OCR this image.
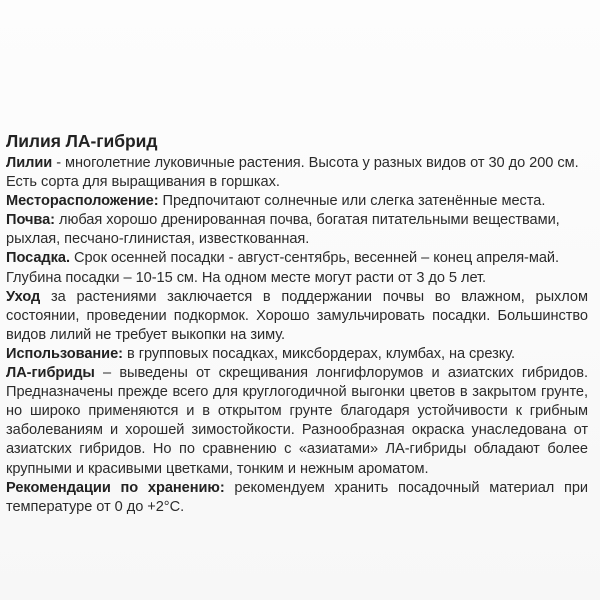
Лилия ЛА-гибрид

Лилии - многолетние луковичные растения. Высота у разных видов от 30 до 200 см. Есть сорта для выращивания в горшках.

Месторасположение: Предпочитают солнечные или слегка затенённые места.

Почва: любая хорошо дренированная почва, богатая питательными веществами, рыхлая, песчано-глинистая, известкованная.

Посадка. Срок осенней посадки - август-сентябрь, весенней – конец апреля-май. Глубина посадки – 10-15 см. На одном месте могут расти от 3 до 5 лет.

Уход за растениями заключается в поддержании почвы во влажном, рыхлом состоянии, проведении подкормок. Хорошо замульчировать посадки. Большинство видов лилий не требует выкопки на зиму.

Использование: в групповых посадках, миксбордерах, клумбах, на срезку.

ЛА-гибриды – выведены от скрещивания лонгифлорумов и азиатских гибридов. Предназначены прежде всего для круглогодичной выгонки цветов в закрытом грунте, но широко применяются и в открытом грунте благодаря устойчивости к грибным заболеваниям и хорошей зимостойкости. Разнообразная окраска унаследована от азиатских гибридов. Но по сравнению с «азиатами» ЛА-гибриды обладают более крупными и красивыми цветками, тонким и нежным ароматом.

Рекомендации по хранению: рекомендуем хранить посадочный материал при температуре от 0 до +2°С.
